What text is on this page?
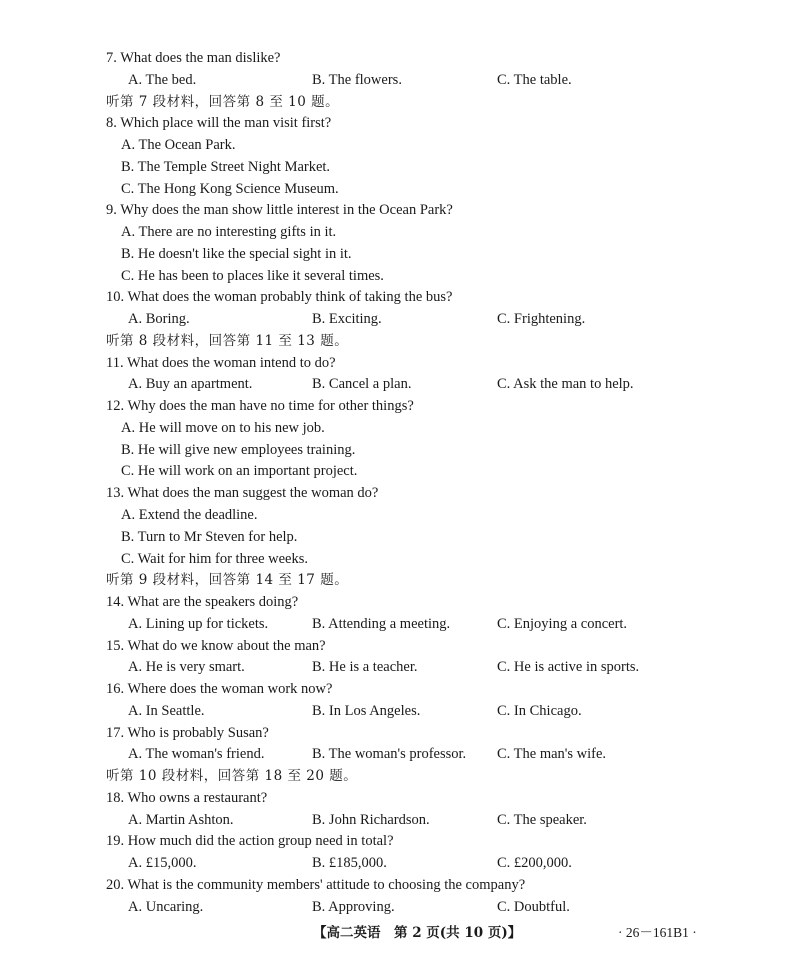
7. What does the man dislike?
A. The bed.	B. The flowers.	C. The table.
听第 7 段材料，回答第 8 至 10 题。
8. Which place will the man visit first?
A. The Ocean Park.
B. The Temple Street Night Market.
C. The Hong Kong Science Museum.
9. Why does the man show little interest in the Ocean Park?
A. There are no interesting gifts in it.
B. He doesn't like the special sight in it.
C. He has been to places like it several times.
10. What does the woman probably think of taking the bus?
A. Boring.	B. Exciting.	C. Frightening.
听第 8 段材料，回答第 11 至 13 题。
11. What does the woman intend to do?
A. Buy an apartment.	B. Cancel a plan.	C. Ask the man to help.
12. Why does the man have no time for other things?
A. He will move on to his new job.
B. He will give new employees training.
C. He will work on an important project.
13. What does the man suggest the woman do?
A. Extend the deadline.
B. Turn to Mr Steven for help.
C. Wait for him for three weeks.
听第 9 段材料，回答第 14 至 17 题。
14. What are the speakers doing?
A. Lining up for tickets.	B. Attending a meeting.	C. Enjoying a concert.
15. What do we know about the man?
A. He is very smart.	B. He is a teacher.	C. He is active in sports.
16. Where does the woman work now?
A. In Seattle.	B. In Los Angeles.	C. In Chicago.
17. Who is probably Susan?
A. The woman's friend.	B. The woman's professor. C. The man's wife.
听第 10 段材料，回答第 18 至 20 题。
18. Who owns a restaurant?
A. Martin Ashton.	B. John Richardson.	C. The speaker.
19. How much did the action group need in total?
A. £15,000.	B. £185,000.	C. £200,000.
20. What is the community members' attitude to choosing the company?
A. Uncaring.	B. Approving.	C. Doubtful.
【高二英语　第 2 页(共 10 页)】	· 26－161B1 ·
